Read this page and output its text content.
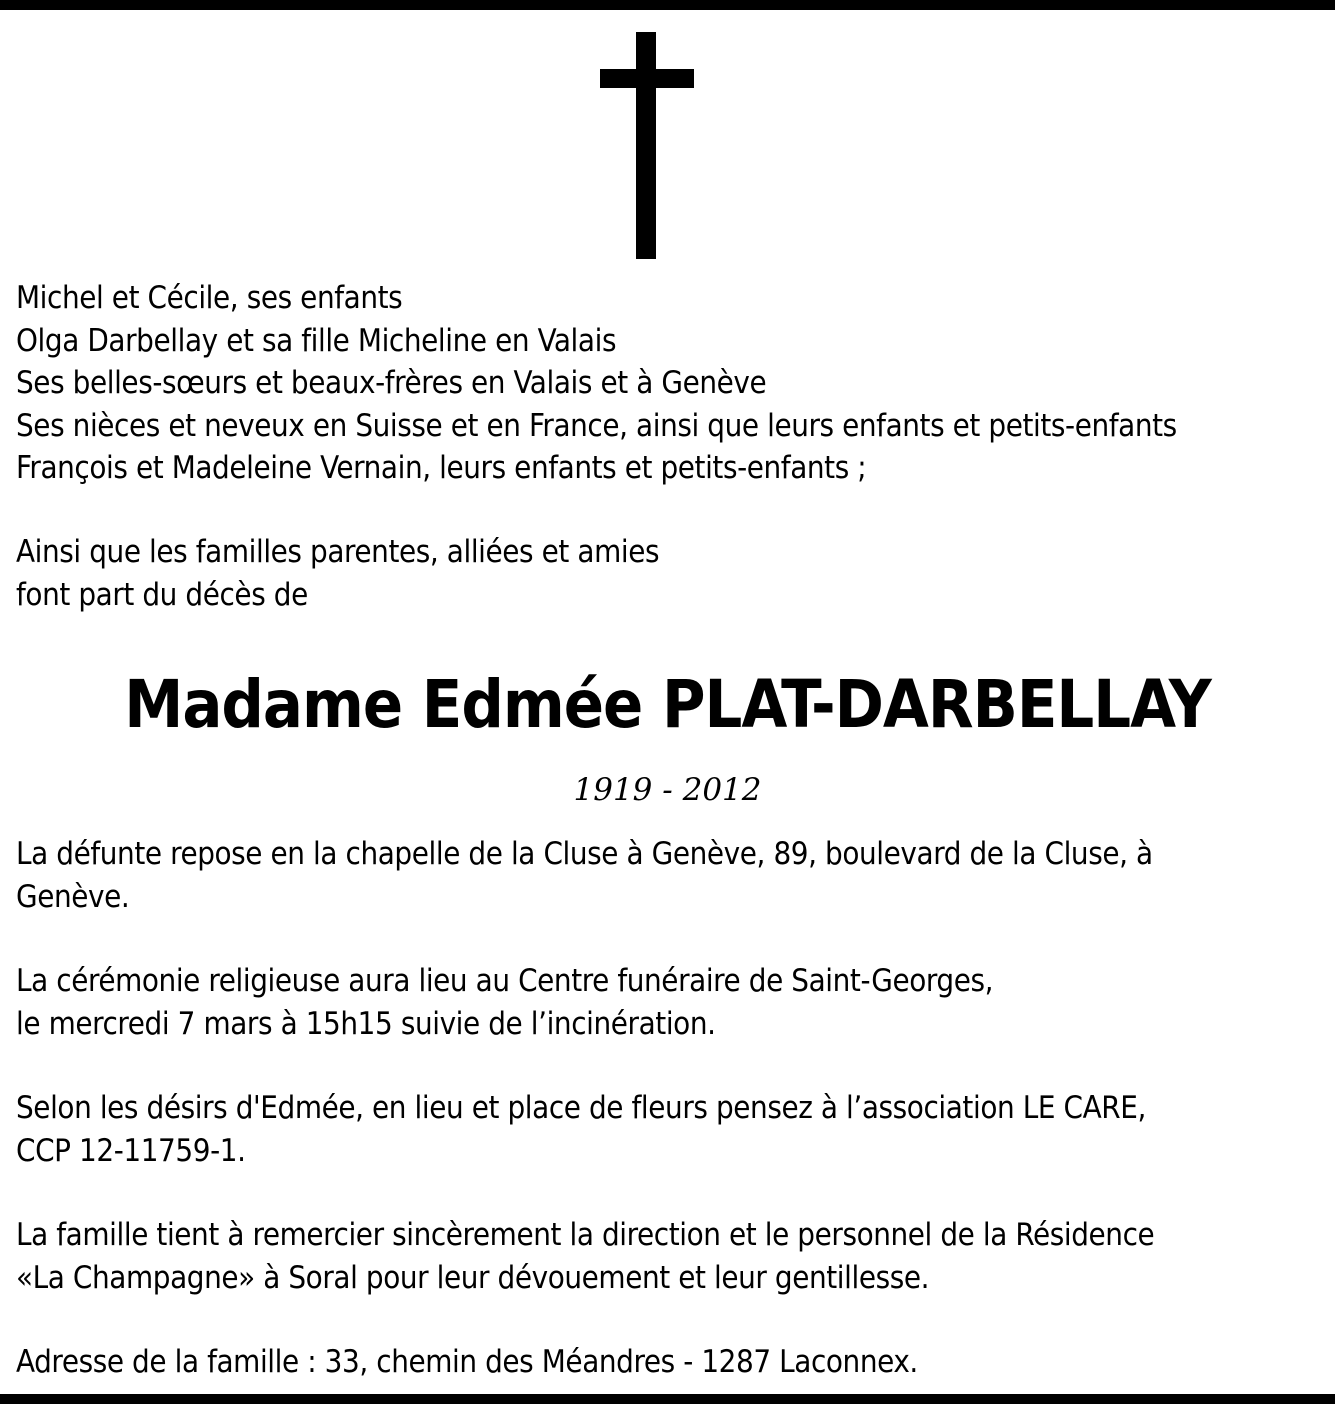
Michel et Cécile, ses enfants
Olga Darbellay et sa fille Micheline en Valais
Ses belles-sœurs et beaux-frères en Valais et à Genève
Ses nièces et neveux en Suisse et en France, ainsi que leurs enfants et petits-enfants
François et Madeleine Vernain, leurs enfants et petits-enfants ;
Ainsi que les familles parentes, alliées et amies
font part du décès de
Madame Edmée PLAT-DARBELLAY
1919 - 2012
La défunte repose en la chapelle de la Cluse à Genève, 89, boulevard de la Cluse, à
Genève.
La cérémonie religieuse aura lieu au Centre funéraire de Saint-Georges,
le mercredi 7 mars à 15h15 suivie de l’incinération.
Selon les désirs d'Edmée, en lieu et place de fleurs pensez à l’association LE CARE,
CCP 12-11759-1.
La famille tient à remercier sincèrement la direction et le personnel de la Résidence
«La Champagne» à Soral pour leur dévouement et leur gentillesse.
Adresse de la famille : 33, chemin des Méandres - 1287 Laconnex.
